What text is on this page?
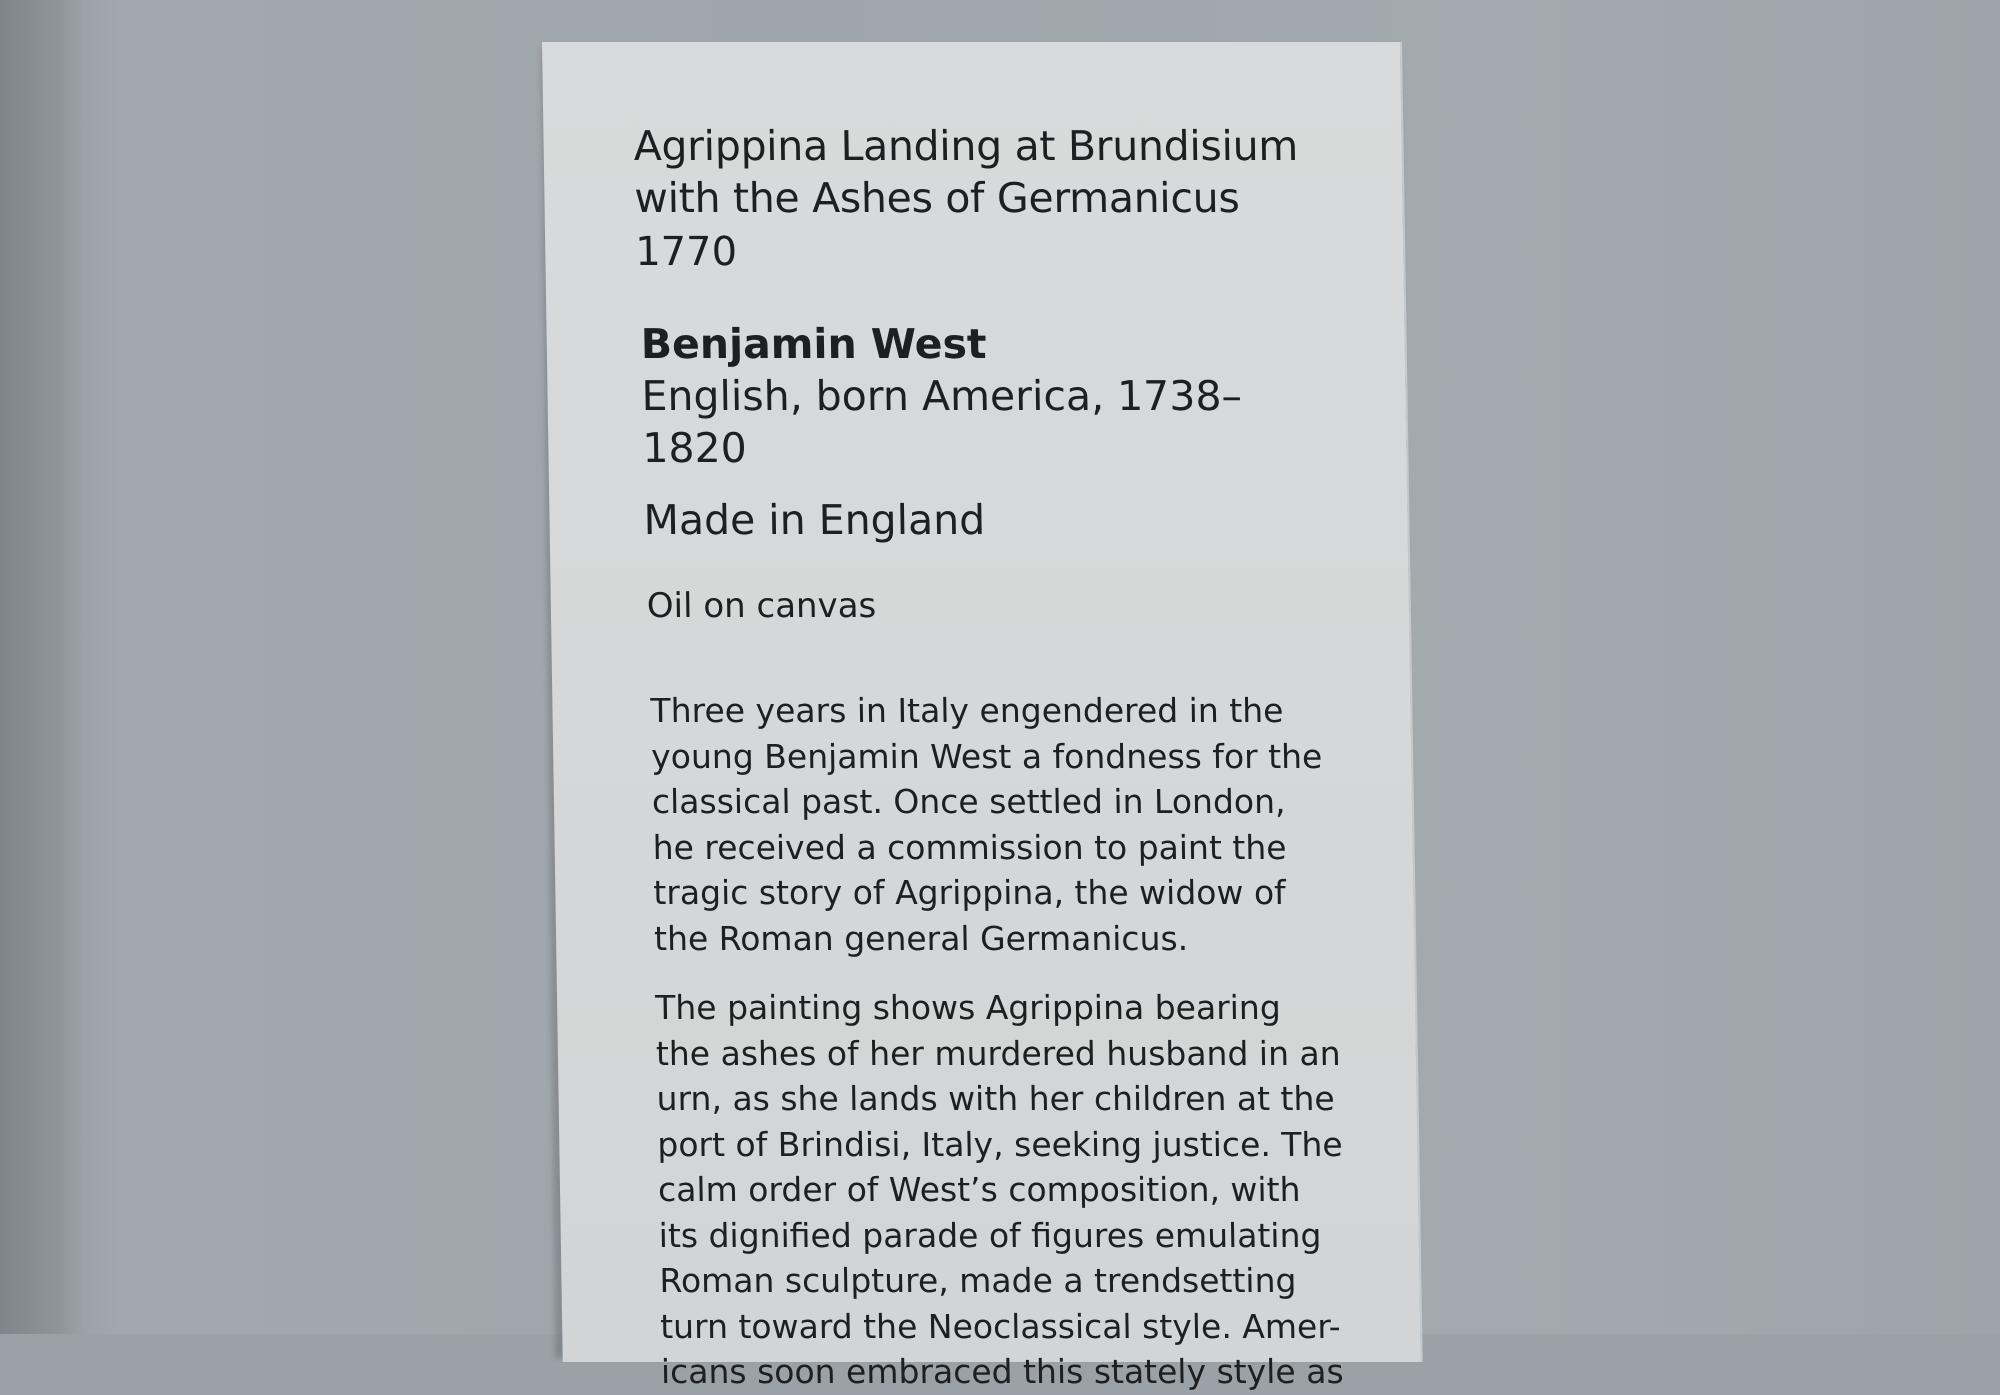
Agrippina Landing at Brundisium
with the Ashes of Germanicus
1770
Benjamin West
English, born America, 1738–1820
Made in England
Oil on canvas
Three years in Italy engendered in the
young Benjamin West a fondness for the
classical past. Once settled in London,
he received a commission to paint the
tragic story of Agrippina, the widow of
the Roman general Germanicus.
The painting shows Agrippina bearing
the ashes of her murdered husband in an
urn, as she lands with her children at the
port of Brindisi, Italy, seeking justice. The
calm order of West’s composition, with
its dignified parade of figures emulating
Roman sculpture, made a trendsetting
turn toward the Neoclassical style. Amer-
icans soon embraced this stately style as
